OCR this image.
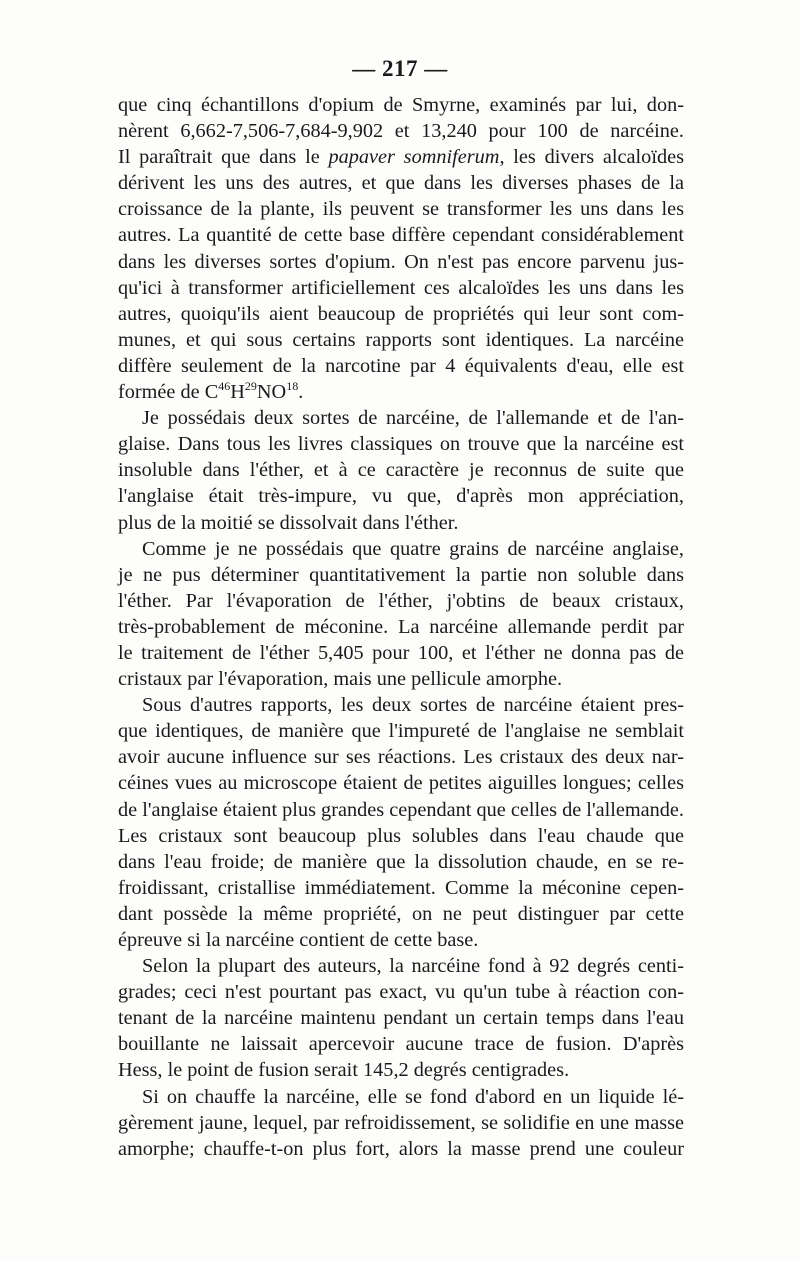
— 217 —
que cinq échantillons d'opium de Smyrne, examinés par lui, don-
nèrent 6,662-7,506-7,684-9,902 et 13,240 pour 100 de narcéine.
Il paraîtrait que dans le papaver somniferum, les divers alcaloïdes
dérivent les uns des autres, et que dans les diverses phases de la
croissance de la plante, ils peuvent se transformer les uns dans les
autres. La quantité de cette base diffère cependant considérablement
dans les diverses sortes d'opium. On n'est pas encore parvenu jus-
qu'ici à transformer artificiellement ces alcaloïdes les uns dans les
autres, quoiqu'ils aient beaucoup de propriétés qui leur sont com-
munes, et qui sous certains rapports sont identiques. La narcéine
diffère seulement de la narcotine par 4 équivalents d'eau, elle est
formée de $C^{46}H^{29}NO^{18}$.
Je possédais deux sortes de narcéine, de l'allemande et de l'an-
glaise. Dans tous les livres classiques on trouve que la narcéine est
insoluble dans l'éther, et à ce caractère je reconnus de suite que
l'anglaise était très-impure, vu que, d'après mon appréciation,
plus de la moitié se dissolvait dans l'éther.
Comme je ne possédais que quatre grains de narcéine anglaise,
je ne pus déterminer quantitativement la partie non soluble dans
l'éther. Par l'évaporation de l'éther, j'obtins de beaux cristaux,
très-probablement de méconine. La narcéine allemande perdit par
le traitement de l'éther 5,405 pour 100, et l'éther ne donna pas de
cristaux par l'évaporation, mais une pellicule amorphe.
Sous d'autres rapports, les deux sortes de narcéine étaient pres-
que identiques, de manière que l'impureté de l'anglaise ne semblait
avoir aucune influence sur ses réactions. Les cristaux des deux nar-
céines vues au microscope étaient de petites aiguilles longues; celles
de l'anglaise étaient plus grandes cependant que celles de l'allemande.
Les cristaux sont beaucoup plus solubles dans l'eau chaude que
dans l'eau froide; de manière que la dissolution chaude, en se re-
froidissant, cristallise immédiatement. Comme la méconine cepen-
dant possède la même propriété, on ne peut distinguer par cette
épreuve si la narcéine contient de cette base.
Selon la plupart des auteurs, la narcéine fond à 92 degrés centi-
grades; ceci n'est pourtant pas exact, vu qu'un tube à réaction con-
tenant de la narcéine maintenu pendant un certain temps dans l'eau
bouillante ne laissait apercevoir aucune trace de fusion. D'après
Hess, le point de fusion serait 145,2 degrés centigrades.
Si on chauffe la narcéine, elle se fond d'abord en un liquide lé-
gèrement jaune, lequel, par refroidissement, se solidifie en une masse
amorphe; chauffe-t-on plus fort, alors la masse prend une couleur
